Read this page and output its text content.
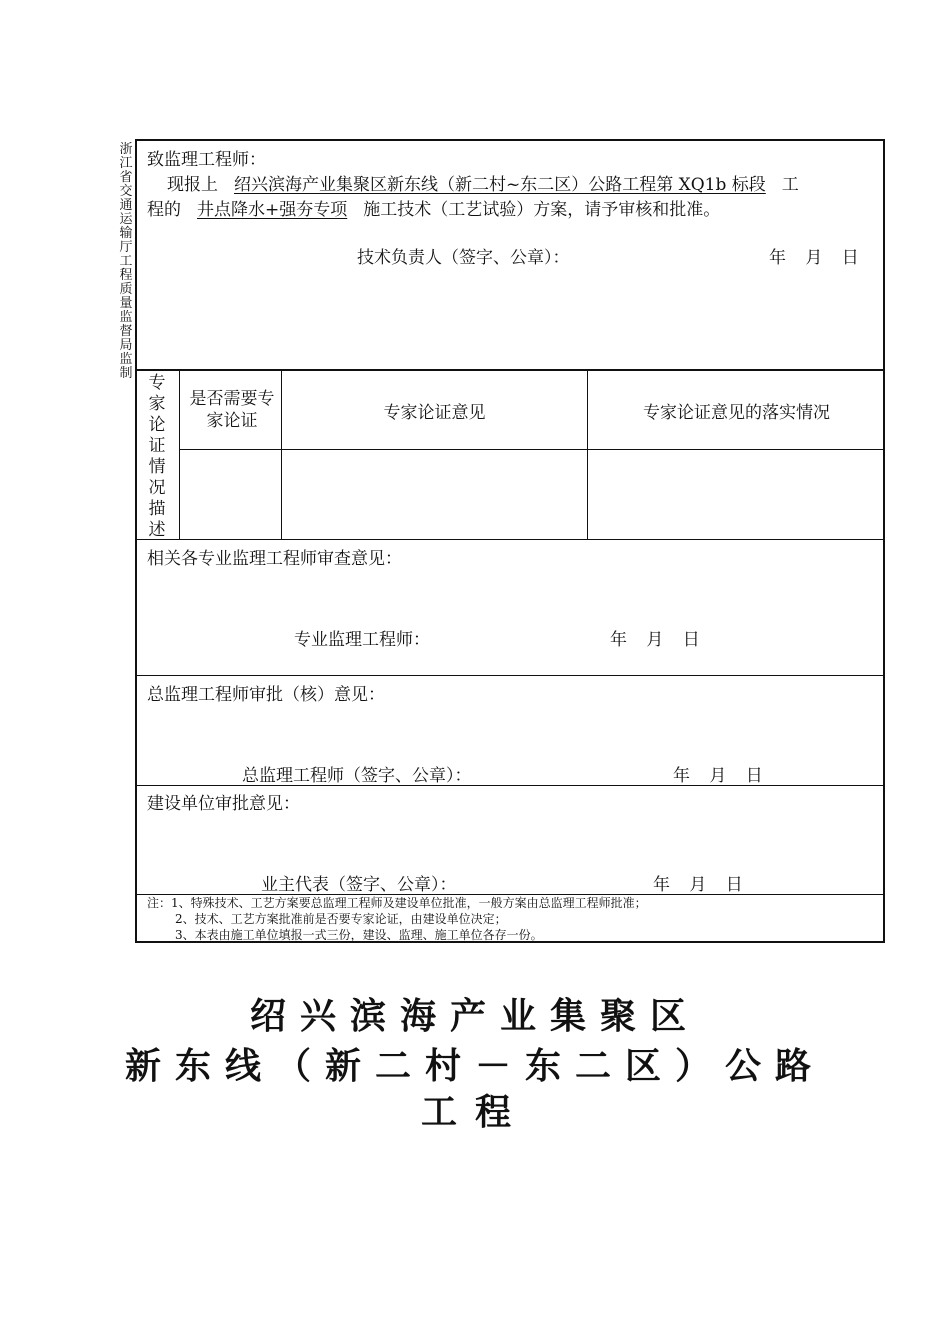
浙江省交通运输厅工程质量监督局监制
致监理工程师：
现报上 绍兴滨海产业集聚区新东线（新二村~东二区）公路工程第 XQ1b 标段 工
程的 井点降水+强夯专项 施工技术（工艺试验）方案，请予审核和批准。
技术负责人（签字、公章）：	年 月 日
专家论证情况描述
是否需要专家论证	专家论证意见	专家论证意见的落实情况
相关各专业监理工程师审查意见：
专业监理工程师：	年 月 日
总监理工程师审批（核）意见：
总监理工程师（签字、公章）：	年 月 日
建设单位审批意见：
业主代表（签字、公章）：	年 月 日
注：1、特殊技术、工艺方案要总监理工程师及建设单位批准，一般方案由总监理工程师批准；
2、技术、工艺方案批准前是否要专家论证，由建设单位决定；
3、本表由施工单位填报一式三份，建设、监理、施工单位各存一份。
绍兴滨海产业集聚区
新东线（新二村－东二区）公路
工程
